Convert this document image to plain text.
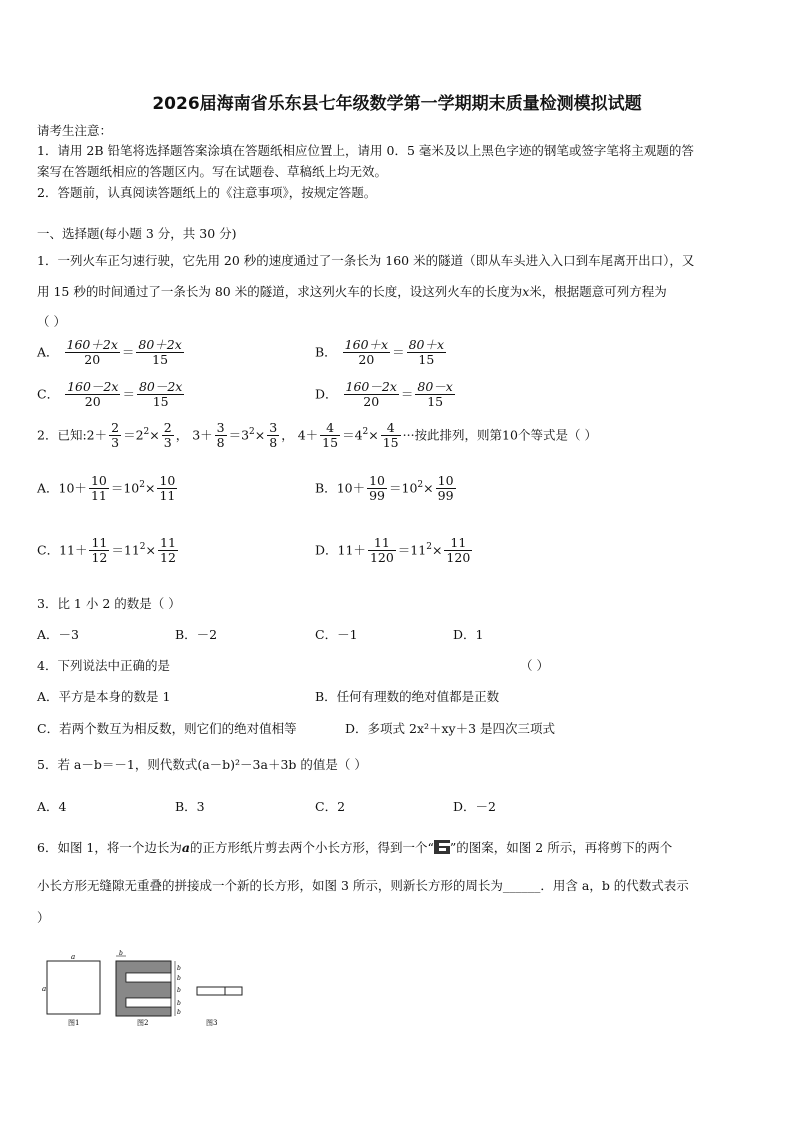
2026届海南省乐东县七年级数学第一学期期末质量检测模拟试题
请考生注意：
1．请用 2B 铅笔将选择题答案涂填在答题纸相应位置上，请用 0．5 毫米及以上黑色字迹的钢笔或签字笔将主观题的答
案写在答题纸相应的答题区内。写在试题卷、草稿纸上均无效。
2．答题前，认真阅读答题纸上的《注意事项》，按规定答题。
一、选择题(每小题 3 分，共 30 分)
1．一列火车正匀速行驶，它先用 20 秒的速度通过了一条长为 160 米的隧道（即从车头进入入口到车尾离开出口），又
用 15 秒的时间通过了一条长为 80 米的隧道，求这列火车的长度，设这列火车的长度为x米，根据题意可列方程为
（ ）
A． $\frac{160+2x}{20} = \frac{80+2x}{15}$	B． $\frac{160+x}{20} = \frac{80+x}{15}$
C． $\frac{160-2x}{20} = \frac{80-2x}{15}$	D． $\frac{160-2x}{20} = \frac{80-x}{15}$
2．已知:2＋ $\frac{2}{3} =2^2\times \frac{2}{3}$ ， $3+ \frac{3}{8} =3^2\times \frac{3}{8}$ ， $4+ \frac{4}{15} =4^2\times \frac{4}{15}$ ···按此排列，则第10个等式是（ ）
A．$10+ \frac{10}{11} =10^2\times \frac{10}{11}$	B．$10+ \frac{10}{99} =10^2\times \frac{10}{99}$
C．$11+ \frac{11}{12} =11^2\times \frac{11}{12}$	D．$11+ \frac{11}{120} =11^2\times \frac{11}{120}$
3．比 1 小 2 的数是（ ）
A．－3	B．－2	C．－1	D．1
4．下列说法中正确的是	（ ）
A．平方是本身的数是 1	B．任何有理数的绝对值都是正数
C．若两个数互为相反数，则它们的绝对值相等	D．多项式 2x²＋xy＋3 是四次三项式
5．若 a－b＝－1，则代数式(a－b)²－3a＋3b 的值是（ ）
A．4	B．3	C．2	D．－2
6．如图 1，将一个边长为a的正方形纸片剪去两个小长方形，得到一个“ ”的图案，如图 2 所示，再将剪下的两个
小长方形无缝隙无重叠的拼接成一个新的长方形，如图 3 所示，则新长方形的周长为______．用含 a，b 的代数式表示
）
a
a
图1
b
b
b
b
b
b
图2	图3
